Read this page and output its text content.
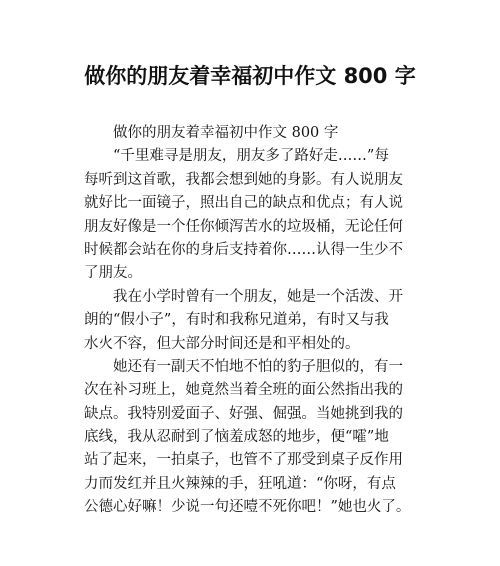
做你的朋友着幸福初中作文 800 字
做你的朋友着幸福初中作文 800 字
“千里难寻是朋友，朋友多了路好走……”每
每听到这首歌，我都会想到她的身影。有人说朋友
就好比一面镜子，照出自己的缺点和优点；有人说
朋友好像是一个任你倾泻苦水的垃圾桶，无论任何
时候都会站在你的身后支持着你……认得一生少不
了朋友。
我在小学时曾有一个朋友，她是一个活泼、开
朗的“假小子”，有时和我称兄道弟，有时又与我
水火不容，但大部分时间还是和平相处的。
她还有一副天不怕地不怕的豹子胆似的，有一
次在补习班上，她竟然当着全班的面公然指出我的
缺点。我特别爱面子、好强、倔强。当她挑到我的
底线，我从忍耐到了恼羞成怒的地步，便“嚯”地
站了起来，一拍桌子，也管不了那受到桌子反作用
力而发红并且火辣辣的手，狂吼道：“你呀，有点
公德心好嘛！少说一句还噎不死你吧！”她也火了。
